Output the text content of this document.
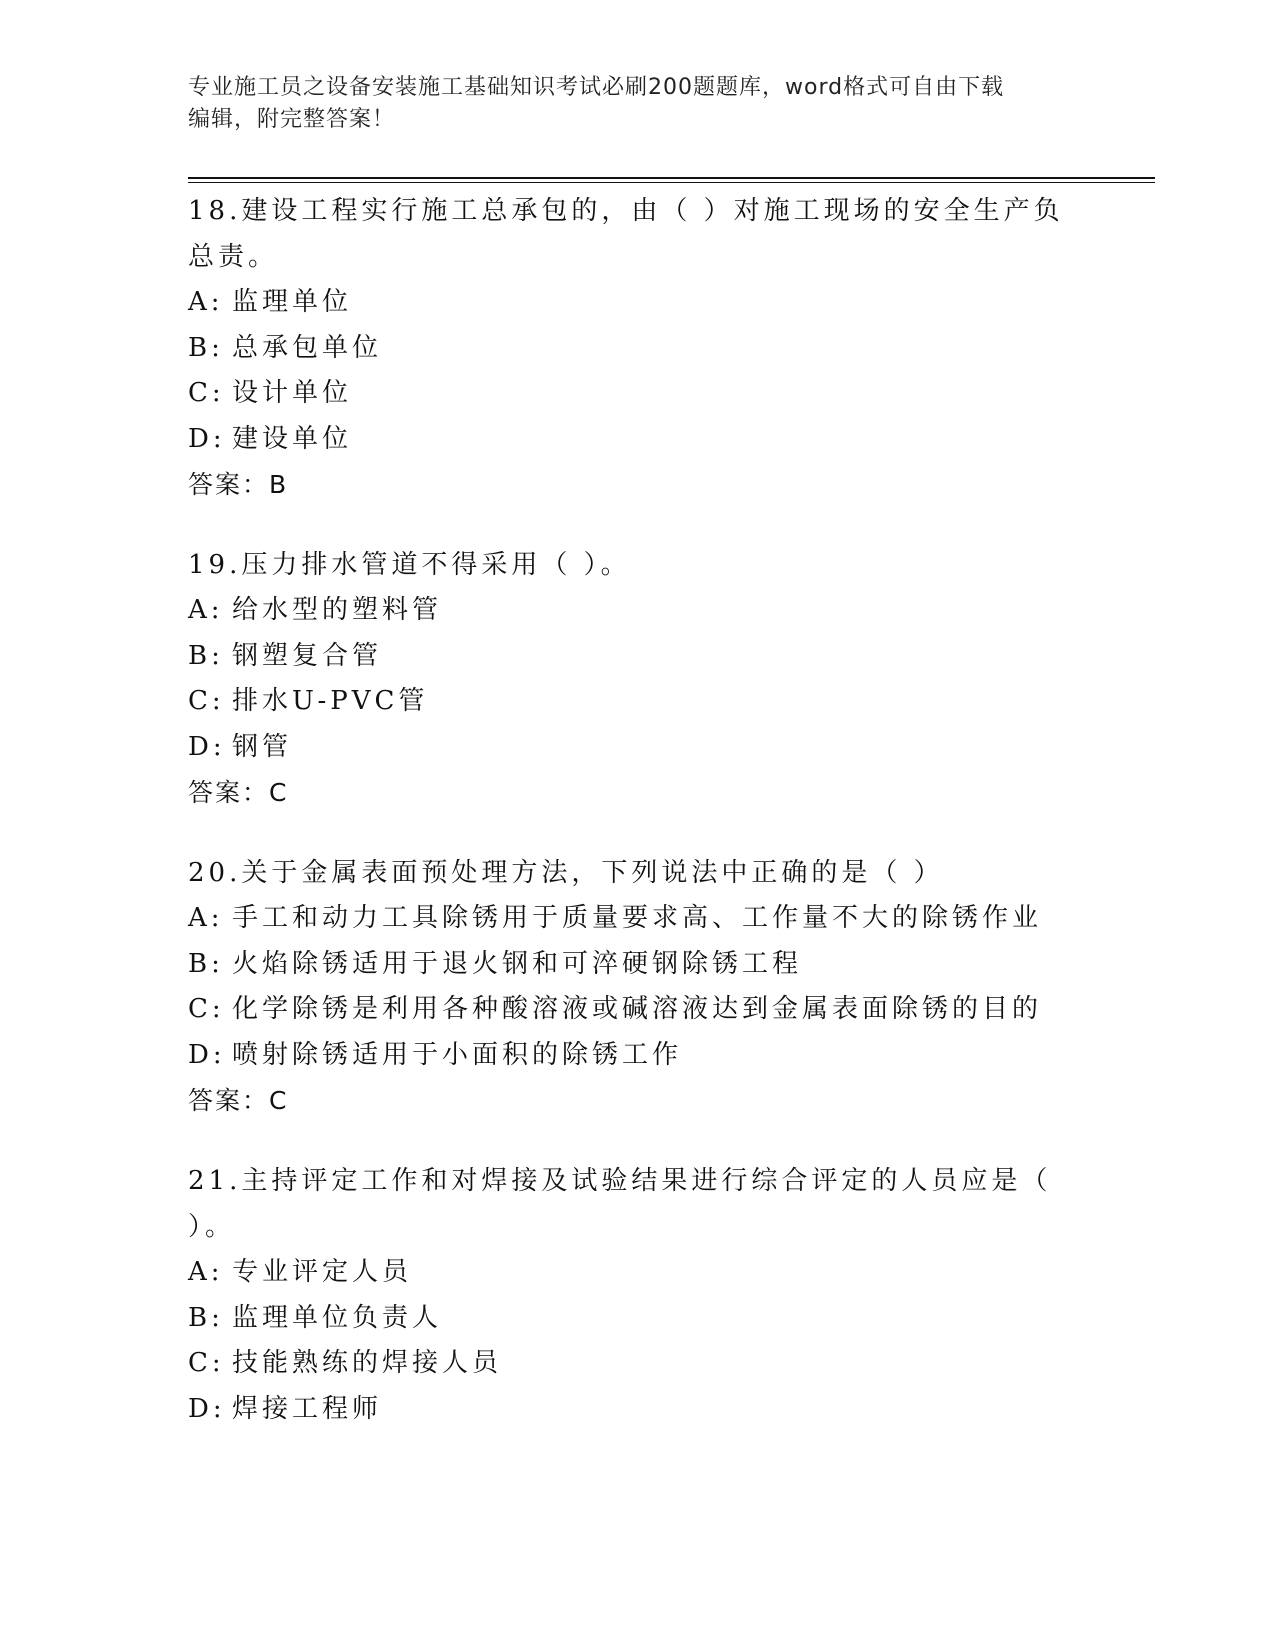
专业施工员之设备安装施工基础知识考试必刷200题题库，word格式可自由下载
编辑，附完整答案！

18.建设工程实行施工总承包的，由（ ）对施工现场的安全生产负总责。

A: 监理单位
B: 总承包单位
C: 设计单位
D: 建设单位

答案：B

19.压力排水管道不得采用（ ）。

A: 给水型的塑料管
B: 钢塑复合管
C: 排水U-PVC管
D: 钢管

答案：C

20.关于金属表面预处理方法，下列说法中正确的是（ ）

A: 手工和动力工具除锈用于质量要求高、工作量不大的除锈作业
B: 火焰除锈适用于退火钢和可淬硬钢除锈工程
C: 化学除锈是利用各种酸溶液或碱溶液达到金属表面除锈的目的
D: 喷射除锈适用于小面积的除锈工作

答案：C

21.主持评定工作和对焊接及试验结果进行综合评定的人员应是（ ）。

A: 专业评定人员
B: 监理单位负责人
C: 技能熟练的焊接人员
D: 焊接工程师
